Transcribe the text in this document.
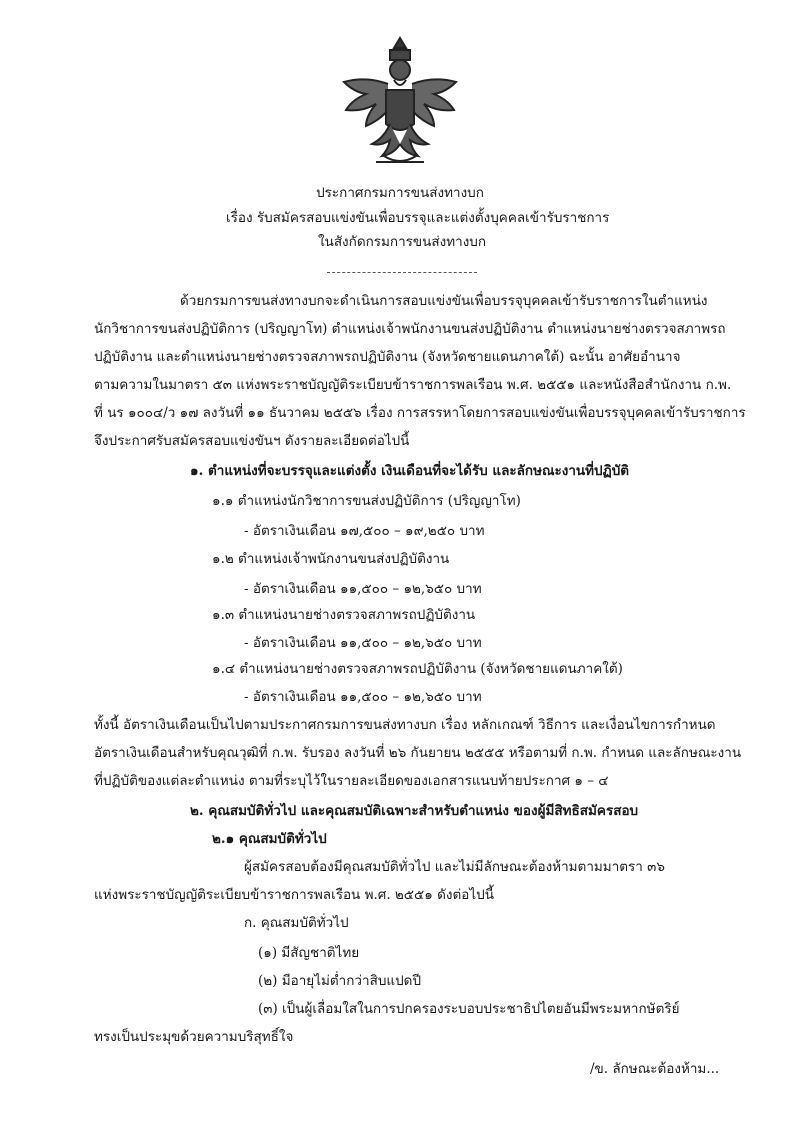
ประกาศกรมการขนส่งทางบก
เรื่อง รับสมัครสอบแข่งขันเพื่อบรรจุและแต่งตั้งบุคคลเข้ารับราชการ
ในสังกัดกรมการขนส่งทางบก
ด้วยกรมการขนส่งทางบกจะดำเนินการสอบแข่งขันเพื่อบรรจุบุคคลเข้ารับราชการในตำแหน่ง
นักวิชาการขนส่งปฏิบัติการ (ปริญญาโท) ตำแหน่งเจ้าพนักงานขนส่งปฏิบัติงาน ตำแหน่งนายช่างตรวจสภาพรถ
ปฏิบัติงาน และตำแหน่งนายช่างตรวจสภาพรถปฏิบัติงาน (จังหวัดชายแดนภาคใต้) ฉะนั้น อาศัยอำนาจ
ตามความในมาตรา ๕๓ แห่งพระราชบัญญัติระเบียบข้าราชการพลเรือน พ.ศ. ๒๕๕๑ และหนังสือสำนักงาน ก.พ.
ที่ นร ๑๐๐๔/ว ๑๗ ลงวันที่ ๑๑ ธันวาคม ๒๕๕๖ เรื่อง การสรรหาโดยการสอบแข่งขันเพื่อบรรจุบุคคลเข้ารับราชการ
จึงประกาศรับสมัครสอบแข่งขันฯ ดังรายละเอียดต่อไปนี้
๑. ตำแหน่งที่จะบรรจุและแต่งตั้ง เงินเดือนที่จะได้รับ และลักษณะงานที่ปฏิบัติ
๑.๑ ตำแหน่งนักวิชาการขนส่งปฏิบัติการ (ปริญญาโท)
- อัตราเงินเดือน ๑๗,๕๐๐ – ๑๙,๒๕๐ บาท
๑.๒ ตำแหน่งเจ้าพนักงานขนส่งปฏิบัติงาน
- อัตราเงินเดือน ๑๑,๕๐๐ – ๑๒,๖๕๐ บาท
๑.๓ ตำแหน่งนายช่างตรวจสภาพรถปฏิบัติงาน
- อัตราเงินเดือน ๑๑,๕๐๐ – ๑๒,๖๕๐ บาท
๑.๔ ตำแหน่งนายช่างตรวจสภาพรถปฏิบัติงาน (จังหวัดชายแดนภาคใต้)
- อัตราเงินเดือน ๑๑,๕๐๐ – ๑๒,๖๕๐ บาท
ทั้งนี้ อัตราเงินเดือนเป็นไปตามประกาศกรมการขนส่งทางบก เรื่อง หลักเกณฑ์ วิธีการ และเงื่อนไขการกำหนด
อัตราเงินเดือนสำหรับคุณวุฒิที่ ก.พ. รับรอง ลงวันที่ ๒๖ กันยายน ๒๕๕๕ หรือตามที่ ก.พ. กำหนด และลักษณะงาน
ที่ปฏิบัติของแต่ละตำแหน่ง ตามที่ระบุไว้ในรายละเอียดของเอกสารแนบท้ายประกาศ ๑ – ๔
๒. คุณสมบัติทั่วไป และคุณสมบัติเฉพาะสำหรับตำแหน่ง ของผู้มีสิทธิสมัครสอบ
๒.๑ คุณสมบัติทั่วไป
ผู้สมัครสอบต้องมีคุณสมบัติทั่วไป และไม่มีลักษณะต้องห้ามตามมาตรา ๓๖
แห่งพระราชบัญญัติระเบียบข้าราชการพลเรือน พ.ศ. ๒๕๕๑ ดังต่อไปนี้
ก. คุณสมบัติทั่วไป
(๑) มีสัญชาติไทย
(๒) มีอายุไม่ต่ำกว่าสิบแปดปี
(๓) เป็นผู้เลื่อมใสในการปกครองระบอบประชาธิปไตยอันมีพระมหากษัตริย์
ทรงเป็นประมุขด้วยความบริสุทธิ์ใจ
/ข. ลักษณะต้องห้าม...
